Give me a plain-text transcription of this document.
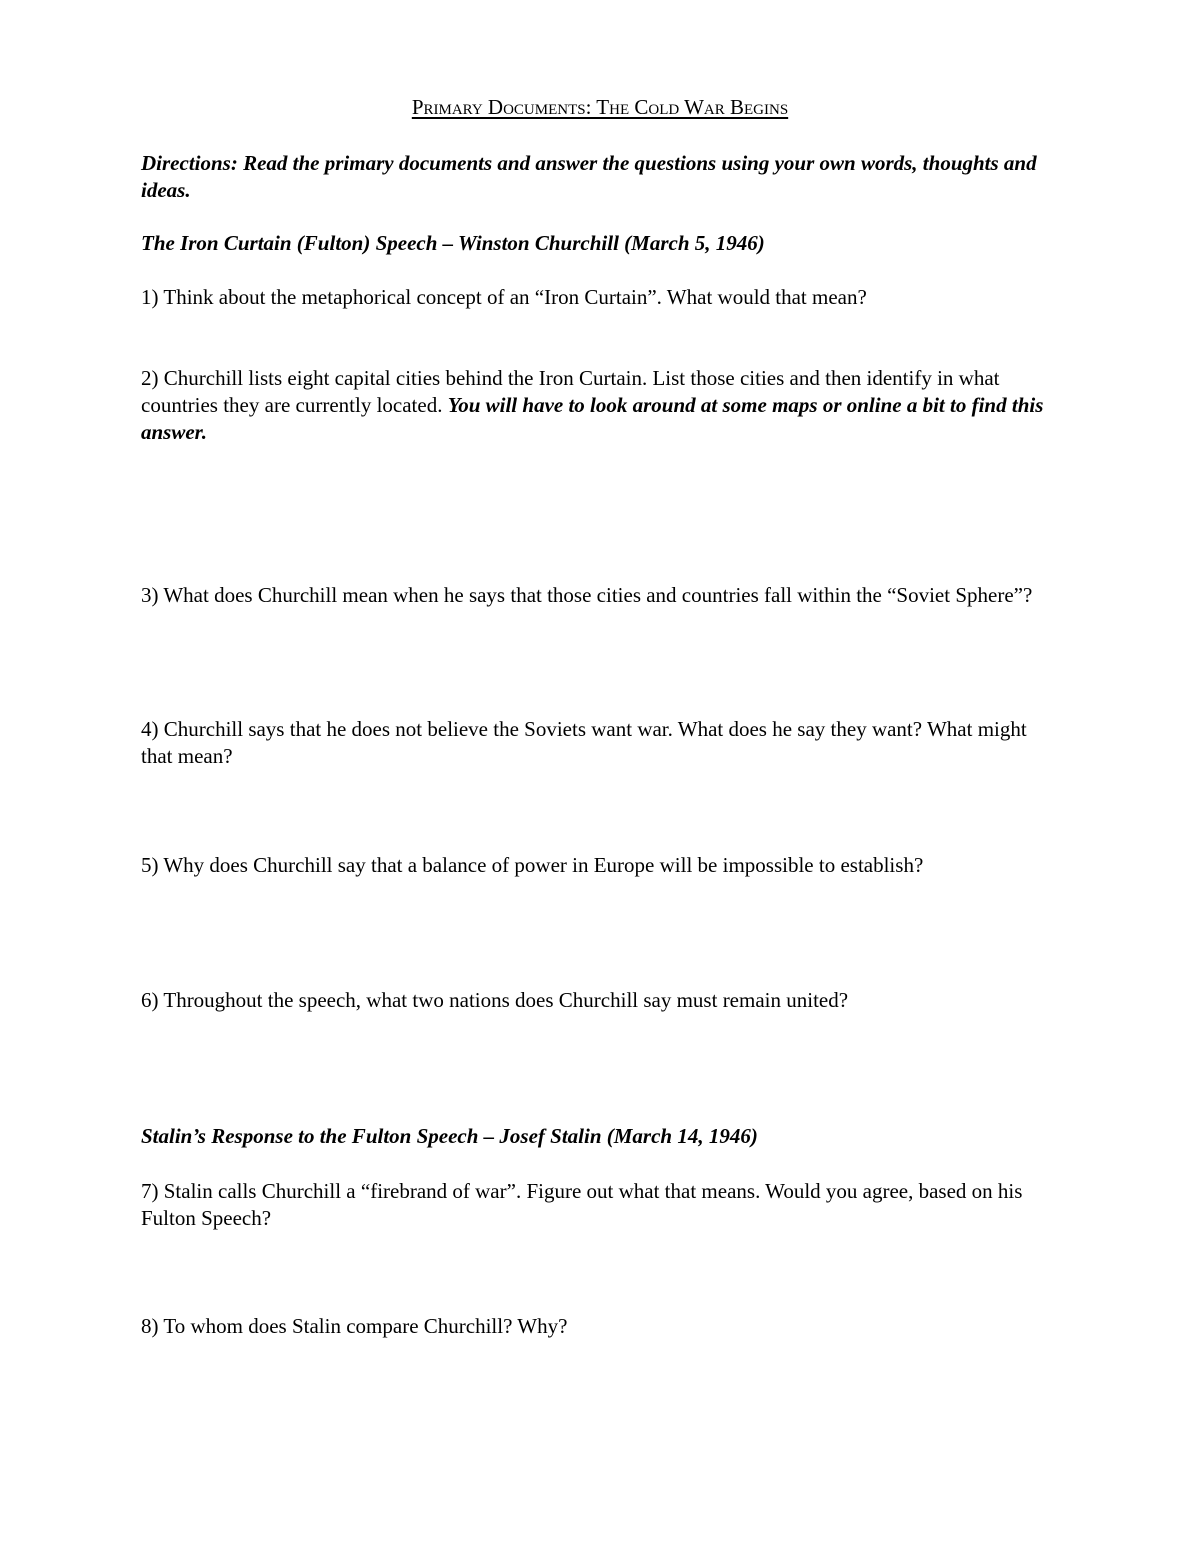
Primary Documents: The Cold War Begins
Directions: Read the primary documents and answer the questions using your own words, thoughts and ideas.
The Iron Curtain (Fulton) Speech – Winston Churchill (March 5, 1946)
1) Think about the metaphorical concept of an “Iron Curtain”. What would that mean?
2) Churchill lists eight capital cities behind the Iron Curtain. List those cities and then identify in what countries they are currently located. You will have to look around at some maps or online a bit to find this answer.
3) What does Churchill mean when he says that those cities and countries fall within the “Soviet Sphere”?
4) Churchill says that he does not believe the Soviets want war. What does he say they want? What might that mean?
5) Why does Churchill say that a balance of power in Europe will be impossible to establish?
6) Throughout the speech, what two nations does Churchill say must remain united?
Stalin’s Response to the Fulton Speech – Josef Stalin (March 14, 1946)
7) Stalin calls Churchill a “firebrand of war”. Figure out what that means. Would you agree, based on his Fulton Speech?
8) To whom does Stalin compare Churchill? Why?
